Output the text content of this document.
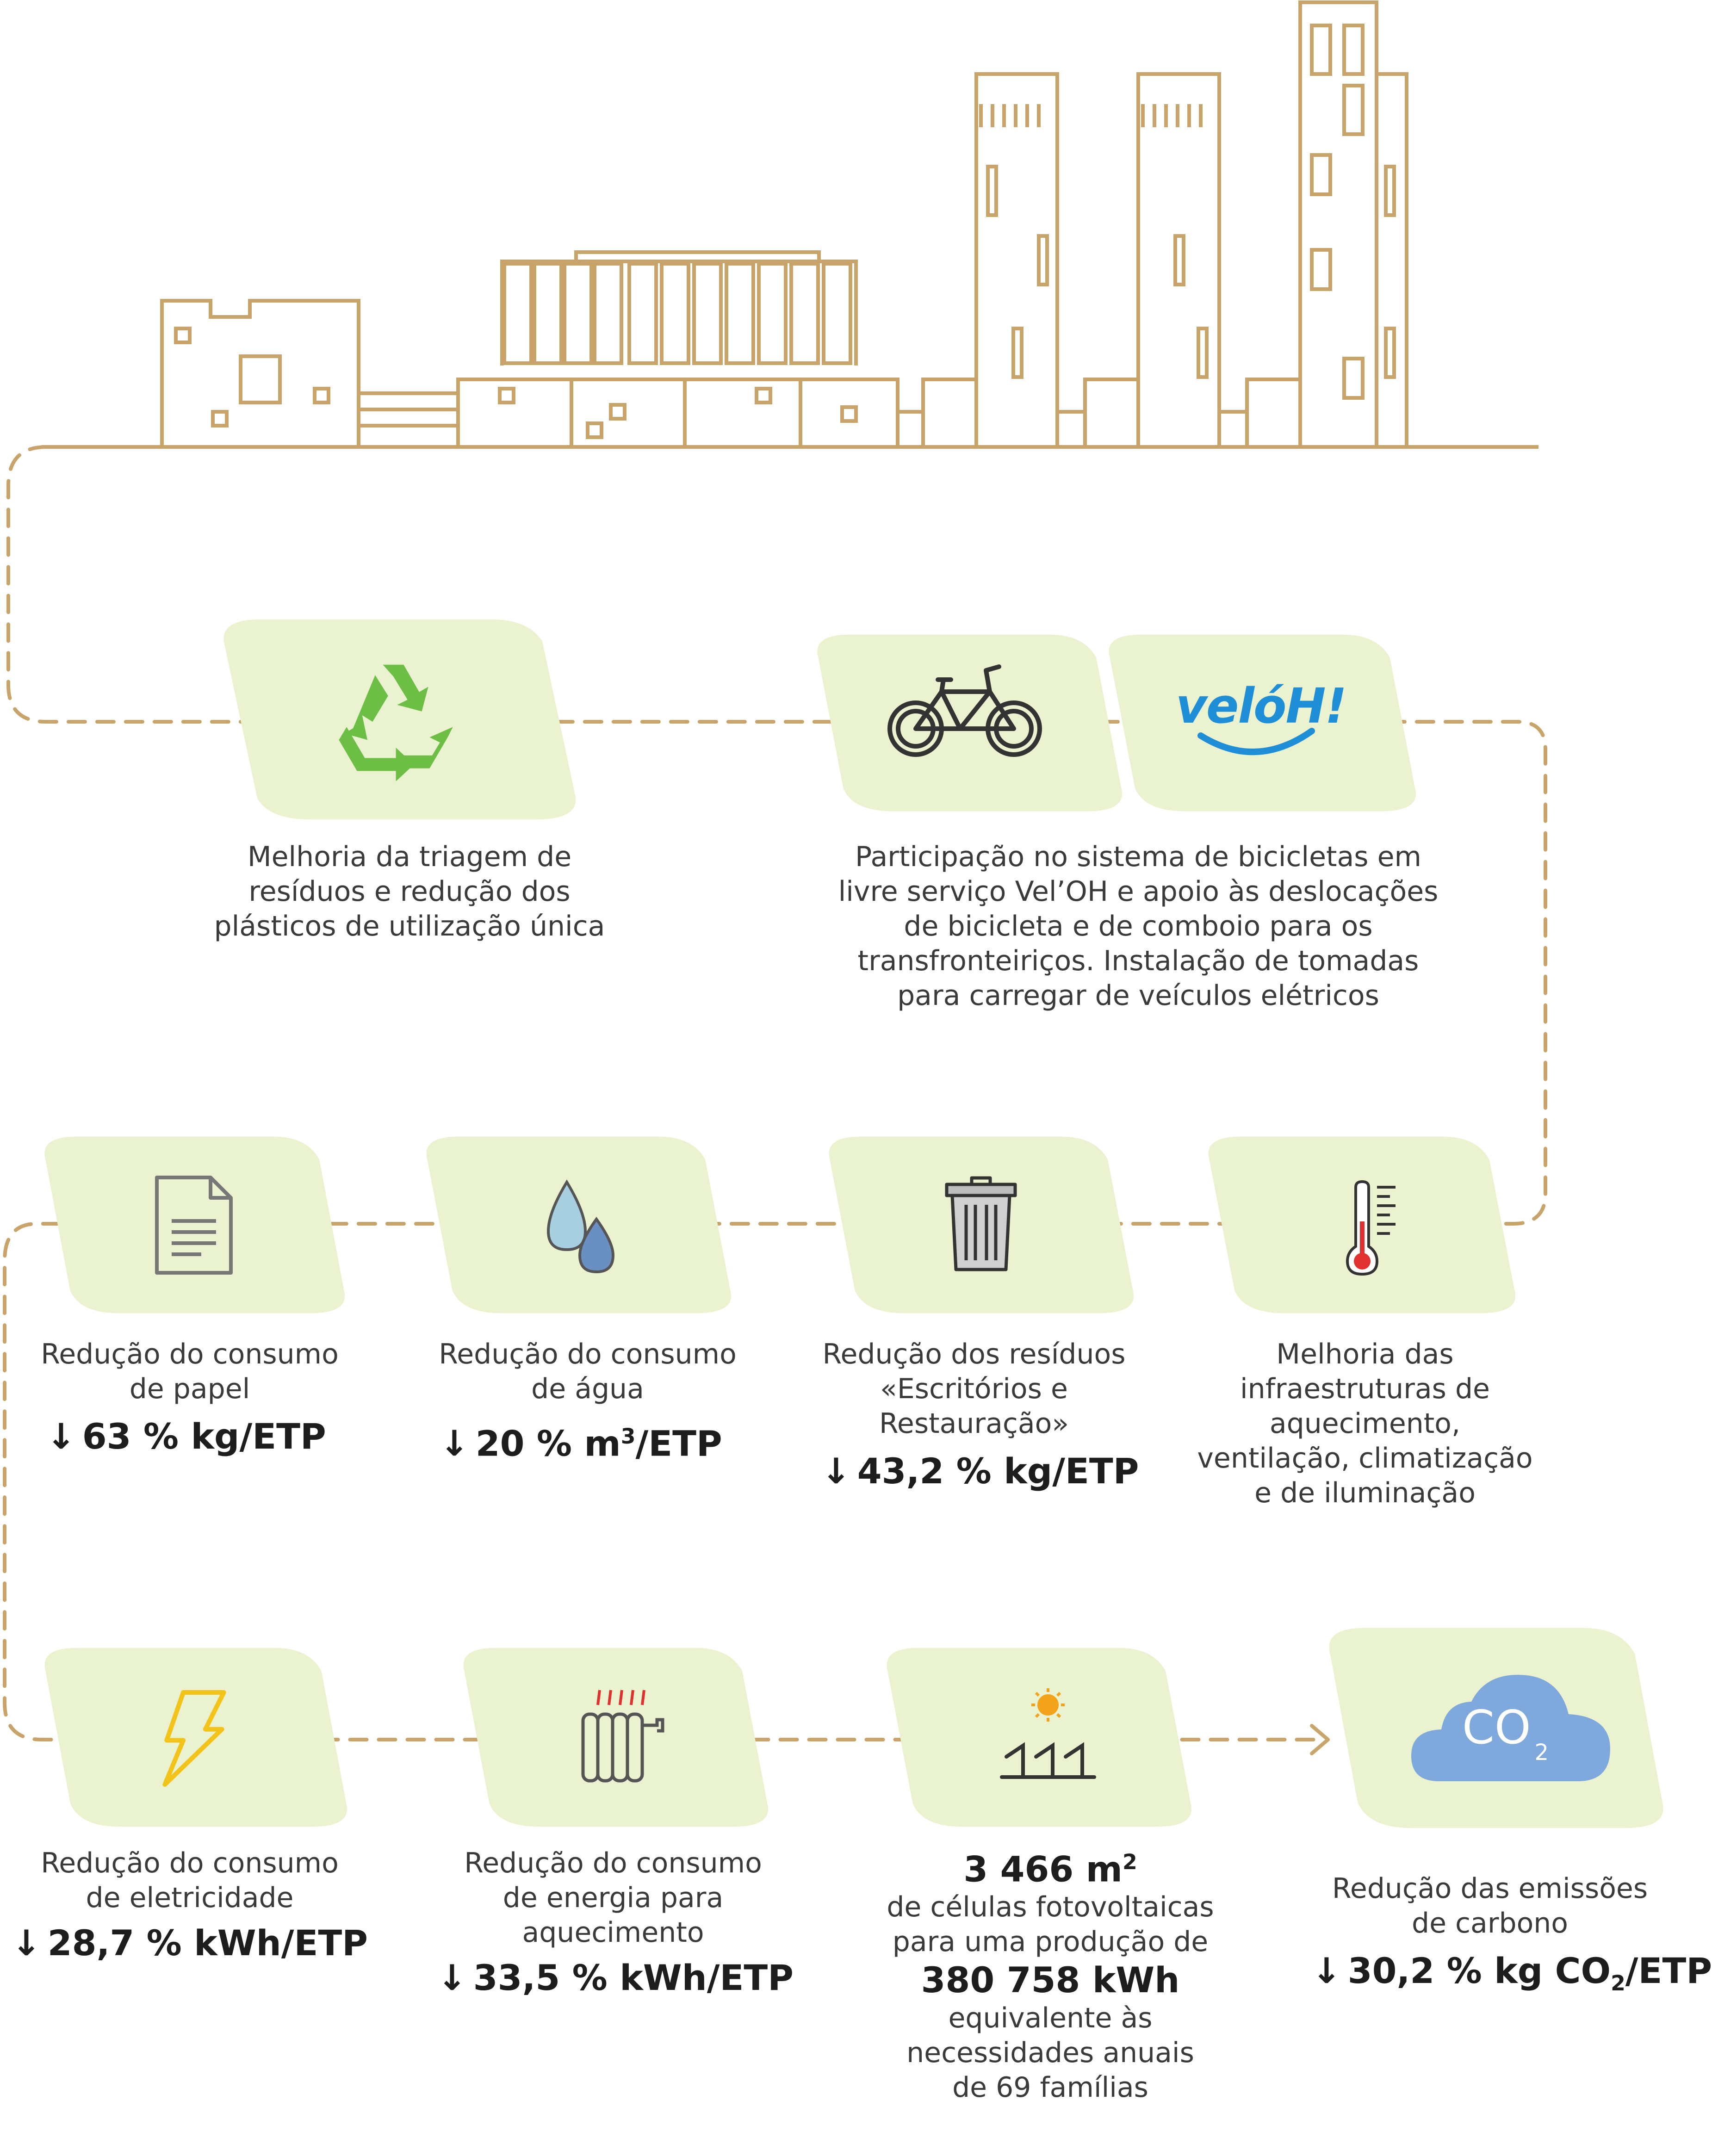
Melhoria da triagem de

resíduos e redução dos

plásticos de utilização única

velóH!

Participação no sistema de bicicletas em

livre serviço Vel’OH e apoio às deslocações

de bicicleta e de comboio para os

transfronteiriços. Instalação de tomadas

para carregar de veículos elétricos

Redução do consumo

de papel

↓ 63 % kg/ETP

Redução do consumo

de água

↓ 20 % $m^3$/ETP

Redução dos resíduos

«Escritórios e

Restauração»

↓ 43,2 % kg/ETP

Melhoria das

infraestruturas de

aquecimento,

ventilação, climatização

e de iluminação

Redução do consumo

de eletricidade

↓ 28,7 % kWh/ETP

Redução do consumo

de energia para

aquecimento

↓ 33,5 % kWh/ETP
3 466 $m^2$

de células fotovoltaicas

para uma produção de

380 758 kWh

equivalente às

necessidades anuais

de 69 famílias

CO $_2$

Redução das emissões

de carbono

↓ 30,2 % kg $CO_2$/ETP
